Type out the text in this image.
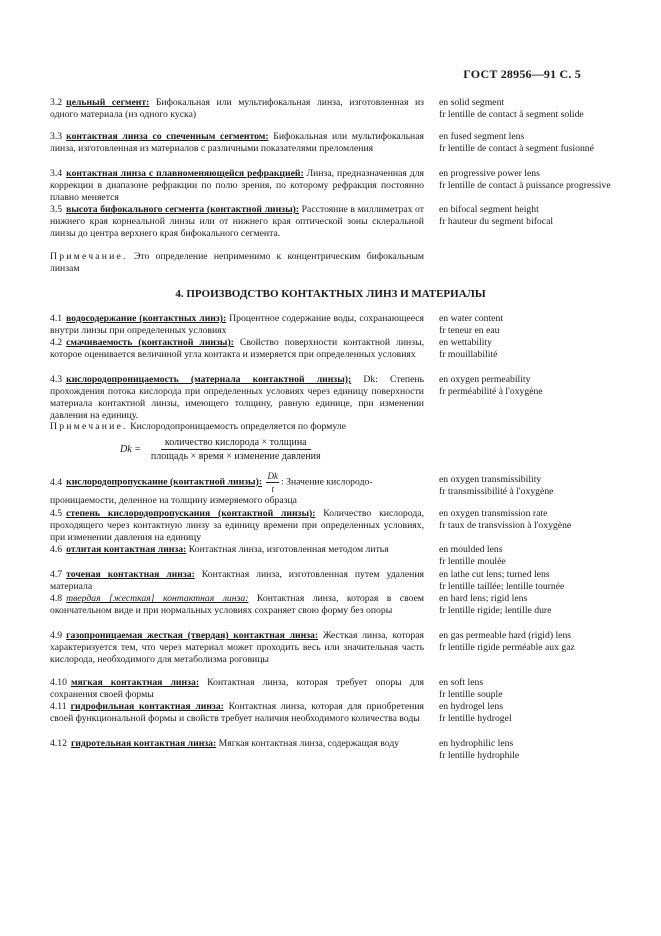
ГОСТ 28956—91 С. 5
3.2 цельный сегмент: Бифокальная или мультифокальная линза, изготовленная из одного материала (из одного куска)
en solid segment
fr lentille de contact à segment solide
3.3 контактная линза со спеченным сегментом: Бифокальная или мультифокальная линза, изготовленная из материалов с различными показателями преломления
en fused segment lens
fr lentille de contact à segment fusionné
3.4 контактная линза с плавноменяющейся рефракцией: Линза, предназначенная для коррекции в диапазоне рефракции по полю зрения, по которому рефракция постоянно плавно меняется
en progressive power lens
fr lentille de contact à puissance progressive
3.5 высота бифокального сегмента (контактной линзы): Расстояние в миллиметрах от нижнего края корнеальной линзы или от нижнего края оптической зоны склеральной линзы до центра верхнего края бифокального сегмента.
en bifocal segment height
fr hauteur du segment bifocal
Примечание. Это определение неприменимо к концентрическим бифокальным линзам
4. ПРОИЗВОДСТВО КОНТАКТНЫХ ЛИНЗ И МАТЕРИАЛЫ
4.1 водосодержание (контактных линз): Процентное содержание воды, сохранающееся внутри линзы при определенных условиях
en water content
fr teneur en eau
4.2 смачиваемость (контактной линзы): Свойство поверхности контактной линзы, которое оценивается величиной угла контакта и измеряется при определенных условиях
en wettability
fr mouillabilité
4.3 кислородопроницаемость (материала контактной линзы); Dk: Степень прохождения потока кислорода при определенных условиях через единицу поверхности материала контактной линзы, имеющего толщину, равную единице, при изменении давления на единицу.
en oxygen permeability
fr perméabilité à l'oxygène
Примечание. Кислородопроницаемость определяется по формуле
$Dk = \frac{\text{количество кислорода × толщина}}{\text{площадь × время × изменение давления}}$
4.4 кислородопропускание (контактной линзы): $\frac{Dk}{t}$ : Значение кислородо-
проницаемости, деленное на толщину измеряемого образца
en oxygen transmissibility
fr transmissibilité à l'oxygène
4.5 степень кислородопропускания (контактной линзы): Количество кислорода, проходящего через контактную линзу за единицу времени при определенных условиях, при изменении давления на единицу
en oxygen transmission rate
fr taux de transvission à l'oxygène
4.6 отлитая контактная линза: Контактная линза, изготовленная методом литья	en moulded lens
fr lentille moulée
4.7 точеная контактная линза: Контактная линза, изготовленная путем удаления материала
en lathe cut lens; turned lens
fr lentille taillée; lentille tournée
4.8 твердая [жесткая] контактная линза: Контактная линза, которая в своем окончательном виде и при нормальных условиях сохраняет свою форму без опоры
en hard lens; rigid lens
fr lentille rigide; lentille dure
4.9 газопроницаемая жесткая (твердая) контактная линза: Жесткая линза, которая характеризуется тем, что через материал может проходить весь или значительная часть кислорода, необходимого для метаболизма роговицы
en gas permeable hard (rigid) lens
fr lentille rigide perméable aux gaz
4.10 мягкая контактная линза: Контактная линза, которая требует опоры для сохранения своей формы
en soft lens
fr lentille souple
4.11 гидрофильная контактная линза: Контактная линза, которая для приобретения своей функциональной формы и свойств требует наличия необходимого количества воды
en hydrogel lens
fr lentille hydrogel
4.12 гидротельная контактная линза: Мягкая контактная линза, содержащая воду	en hydrophilic lens
fr lentille hydrophile
